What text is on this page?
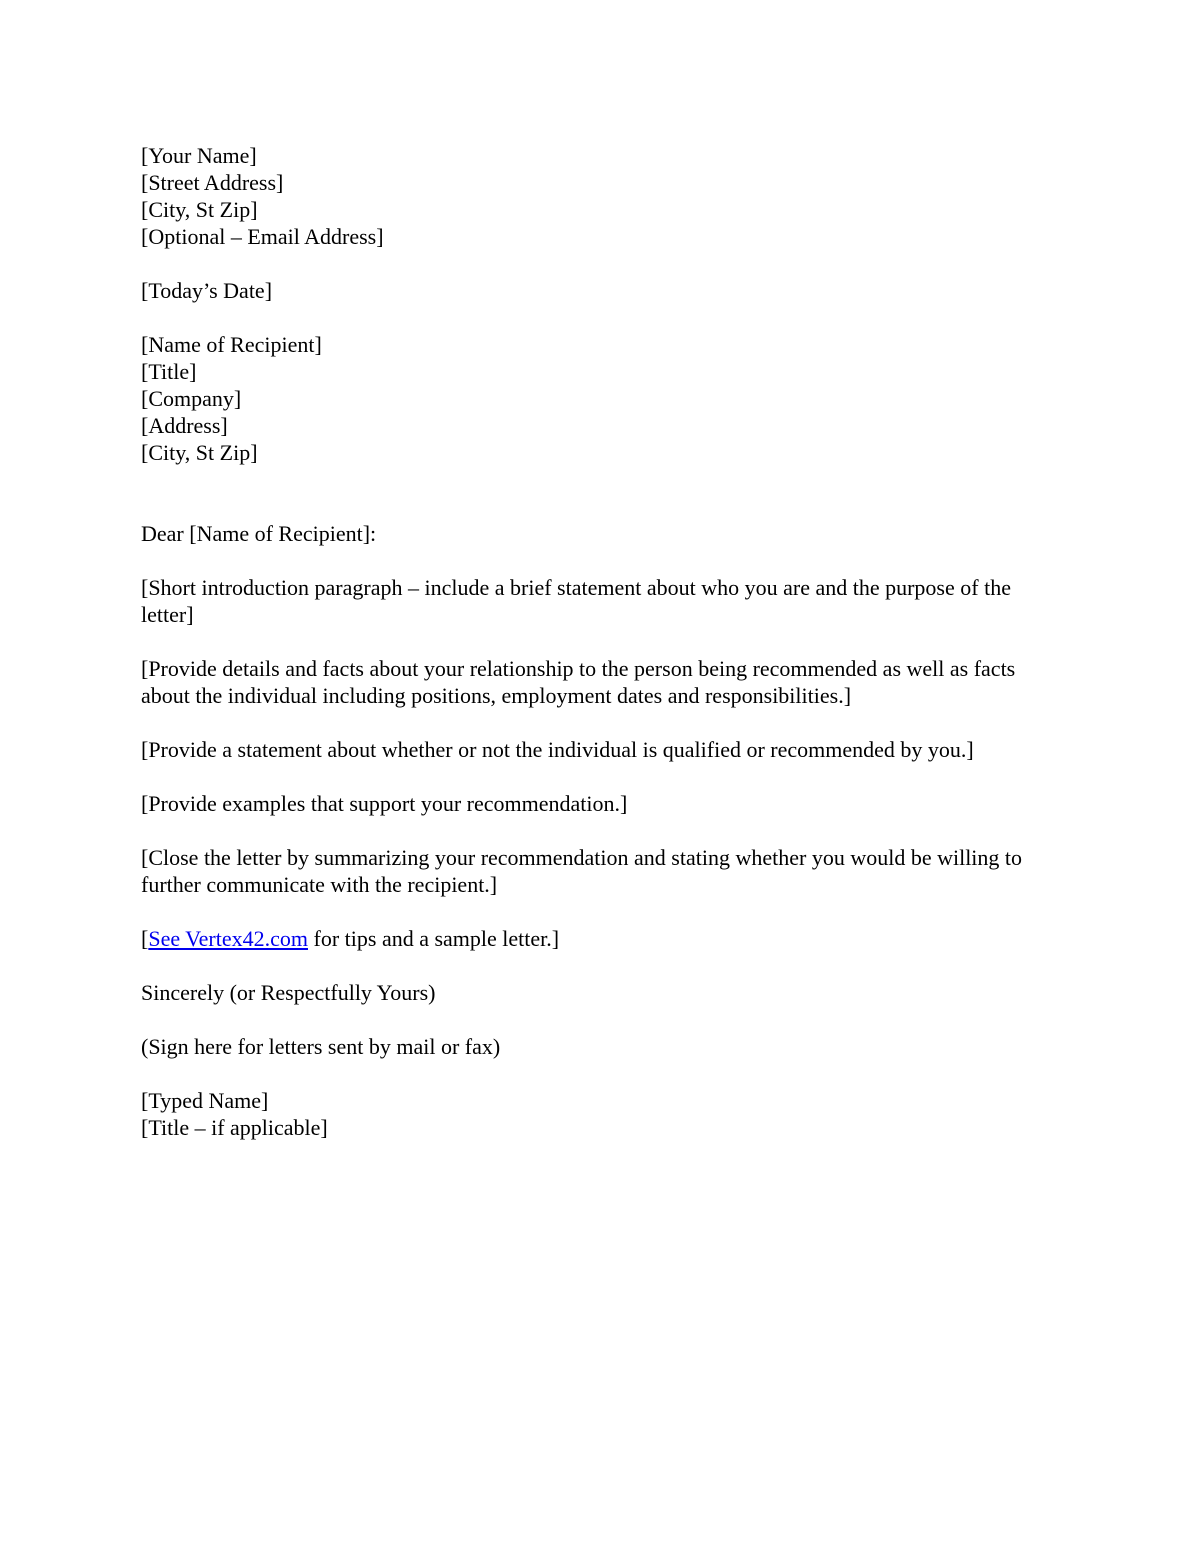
[Your Name]
[Street Address]
[City, St Zip]
[Optional – Email Address]
[Today’s Date]
[Name of Recipient]
[Title]
[Company]
[Address]
[City, St Zip]
Dear [Name of Recipient]:
[Short introduction paragraph – include a brief statement about who you are and the purpose of the letter]
[Provide details and facts about your relationship to the person being recommended as well as facts about the individual including positions, employment dates and responsibilities.]
[Provide a statement about whether or not the individual is qualified or recommended by you.]
[Provide examples that support your recommendation.]
[Close the letter by summarizing your recommendation and stating whether you would be willing to further communicate with the recipient.]
[See Vertex42.com for tips and a sample letter.]
Sincerely (or Respectfully Yours)
(Sign here for letters sent by mail or fax)
[Typed Name]
[Title – if applicable]
